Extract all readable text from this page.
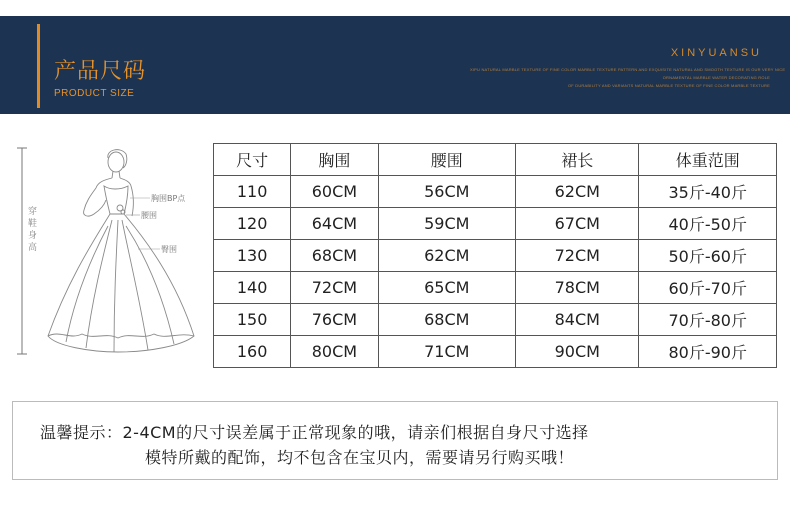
产品尺码
PRODUCT SIZE
XINYUANSU
XIPU NATURAL MARBLE TEXTURE OF FINE COLOR MARBLE TEXTURE PATTERN AND EXQUISITE NATURAL AND SMOOTH TEXTURE IS OUR VERY NICE
ORNAMENTAL MARBLE WATER DECORATING ROLE
OF DURABILITY AND VARIANTS NATURAL MARBLE TEXTURE OF FINE COLOR MARBLE TEXTURE
胸围BP点
腰围
臀围
穿鞋身高
尺寸	胸围	腰围	裙长	体重范围
110	60CM	56CM	62CM	35斤-40斤
120	64CM	59CM	67CM	40斤-50斤
130	68CM	62CM	72CM	50斤-60斤
140	72CM	65CM	78CM	60斤-70斤
150	76CM	68CM	84CM	70斤-80斤
160	80CM	71CM	90CM	80斤-90斤
温馨提示：2-4CM的尺寸误差属于正常现象的哦，请亲们根据自身尺寸选择
模特所戴的配饰，均不包含在宝贝内，需要请另行购买哦！
